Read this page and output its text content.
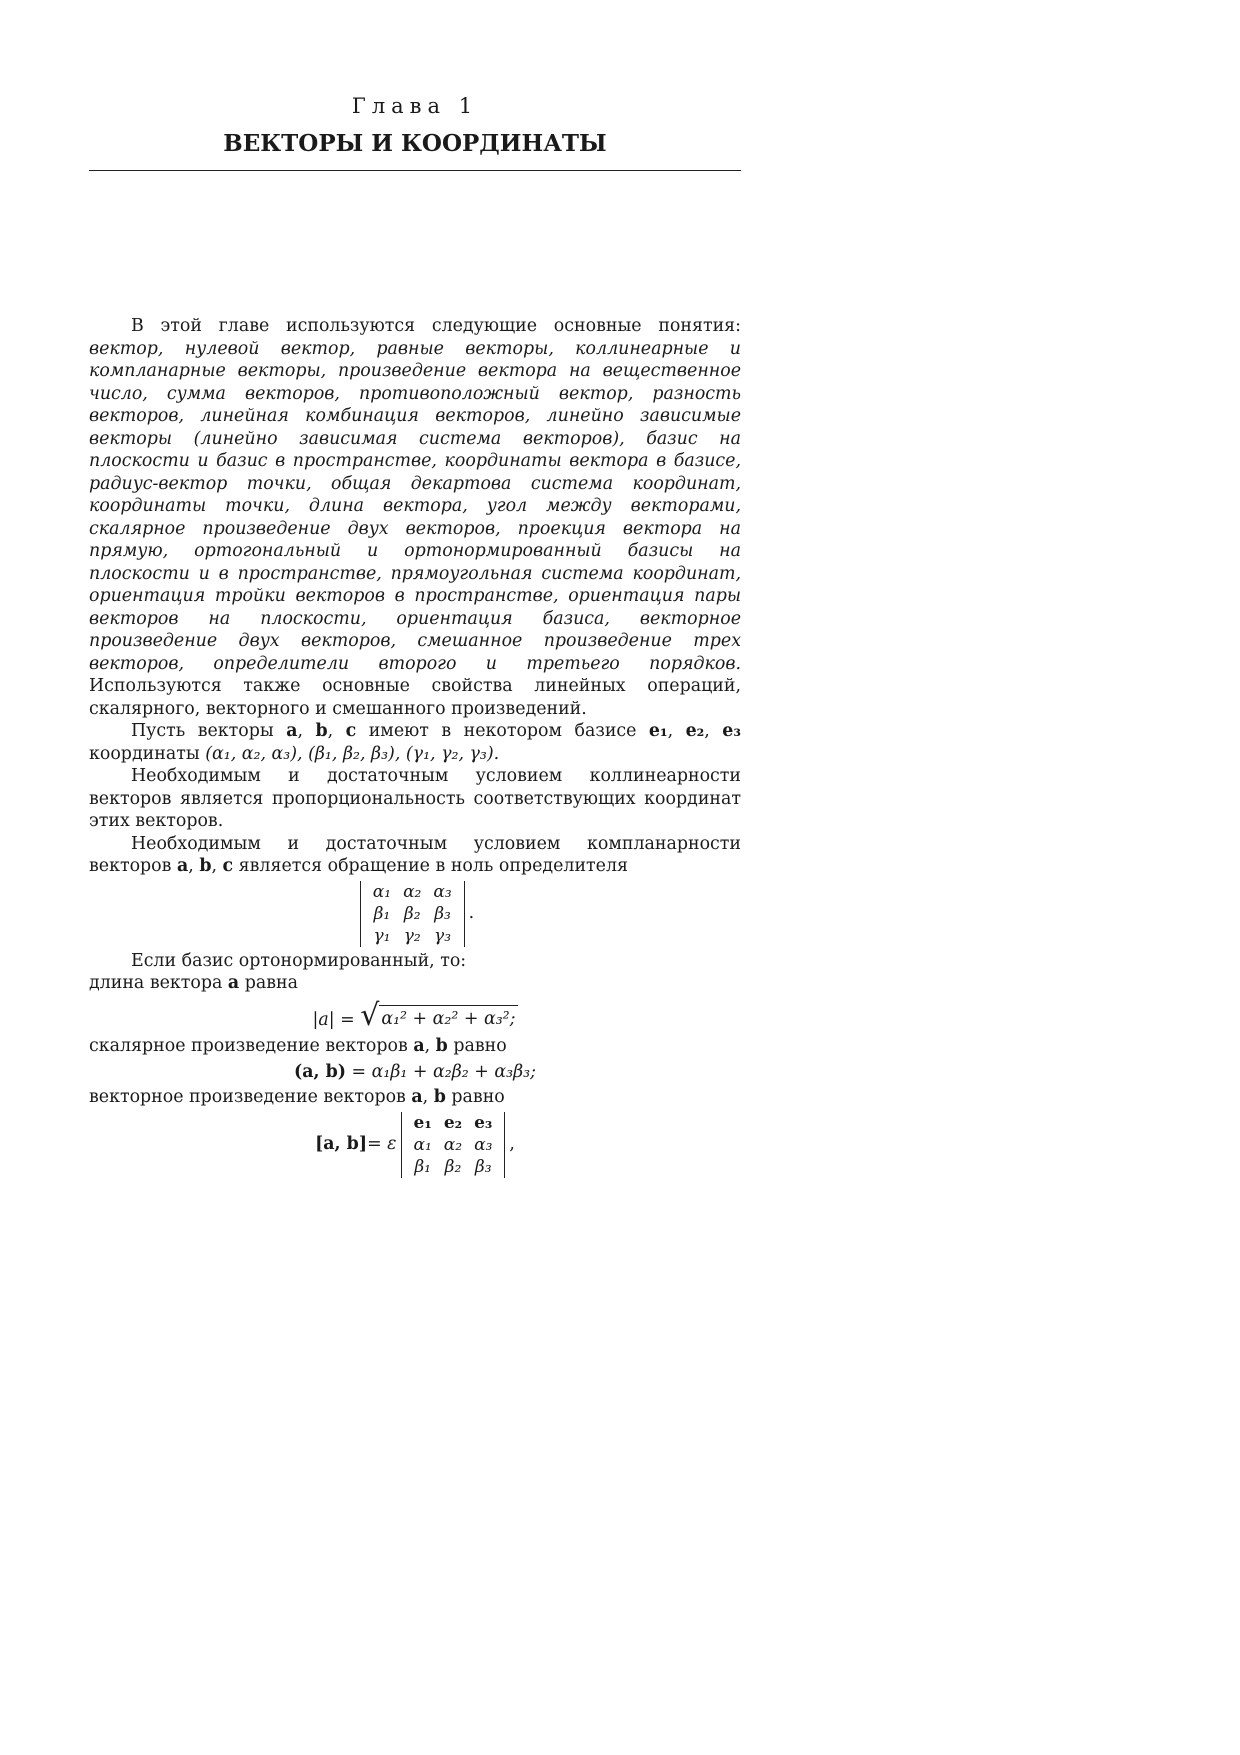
Глава 1
ВЕКТОРЫ И КООРДИНАТЫ

В этой главе используются следующие основные понятия: вектор, нулевой вектор, равные векторы, коллинеарные и компланарные векторы, произведение вектора на вещественное число, сумма векторов, противоположный вектор, разность векторов, линейная комбинация векторов, линейно зависимые векторы (линейно зависимая система векторов), базис на плоскости и базис в пространстве, координаты вектора в базисе, радиус-вектор точки, общая декартова система координат, координаты точки, длина вектора, угол между векторами, скалярное произведение двух векторов, проекция вектора на прямую, ортогональный и ортонормированный базисы на плоскости и в пространстве, прямоугольная система координат, ориентация тройки векторов в пространстве, ориентация пары векторов на плоскости, ориентация базиса, векторное произведение двух векторов, смешанное произведение трех векторов, определители второго и третьего порядков. Используются также основные свойства линейных операций, скалярного, векторного и смешанного произведений.

Пусть векторы a, b, c имеют в некотором базисе e₁, e₂, e₃ координаты (α₁, α₂, α₃), (β₁, β₂, β₃), (γ₁, γ₂, γ₃).

Необходимым и достаточным условием коллинеарности векторов является пропорциональность соответствующих координат этих векторов.

Необходимым и достаточным условием компланарности векторов a, b, c является обращение в ноль определителя

α₁	α₂	α₃
β₁	β₂	β₃
γ₁	γ₂	γ₃
.

Если базис ортонормированный, то:

длина вектора a равна

|a| = √ α₁² + α₂² + α₃²;

скалярное произведение векторов a, b равно

(a, b) = α₁β₁ + α₂β₂ + α₃β₃;

векторное произведение векторов a, b равно

[a, b] = ε
e₁	e₂	e₃
α₁	α₂	α₃
β₁	β₂	β₃
,
